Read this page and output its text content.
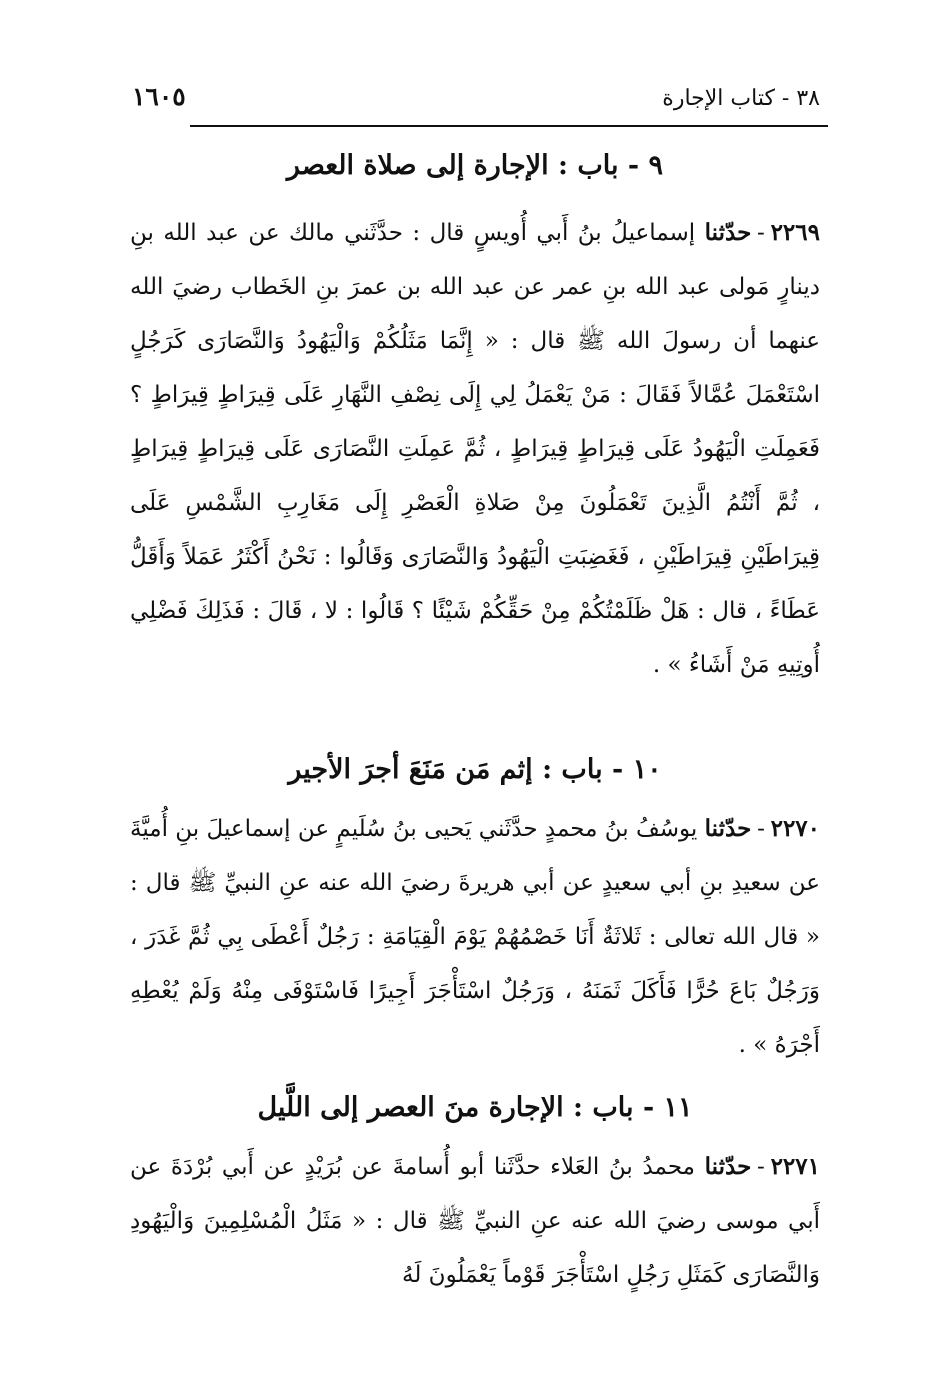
٣٨ - كتاب الإجارة
١٦٠٥
٩ - باب : الإجارة إلى صلاة العصر

٢٢٦٩-حدّثنا إسماعيلُ بنُ أَبي أُويسٍ قال : حدَّثَني مالك عن عبد الله بنِ دينارٍ مَولى عبد الله بنِ عمر عن عبد الله بن عمرَ بنِ الخَطاب رضيَ الله عنهما أن رسولَ الله ﷺ قال : « إِنَّمَا مَثَلُكُمْ وَالْيَهُودُ وَالنَّصَارَى كَرَجُلٍ اسْتَعْمَلَ عُمَّالاً فَقَالَ : مَنْ يَعْمَلُ لِي إِلَى نِصْفِ النَّهَارِ عَلَى قِيرَاطٍ قِيرَاطٍ ؟ فَعَمِلَتِ الْيَهُودُ عَلَى قِيرَاطٍ قِيرَاطٍ ، ثُمَّ عَمِلَتِ النَّصَارَى عَلَى قِيرَاطٍ قِيرَاطٍ ، ثُمَّ أَنْتُمُ الَّذِينَ تَعْمَلُونَ مِنْ صَلاةِ الْعَصْرِ إِلَى مَغَارِبِ الشَّمْسِ عَلَى قِيرَاطَيْنِ قِيرَاطَيْنِ ، فَغَضِبَتِ الْيَهُودُ وَالنَّصَارَى وَقَالُوا : نَحْنُ أَكْثَرُ عَمَلاً وَأَقَلُّ عَطَاءً ، قال : هَلْ ظَلَمْتُكُمْ مِنْ حَقِّكُمْ شَيْئًا ؟ قَالُوا : لا ، قَالَ : فَذَلِكَ فَضْلِي أُوتِيهِ مَنْ أَشَاءُ » .

١٠ - باب : إثم مَن مَنَعَ أجرَ الأجير

٢٢٧٠-حدّثنا يوسُفُ بنُ محمدٍ حدَّثَني يَحيى بنُ سُلَيمٍ عن إسماعيلَ بنِ أُميَّةَ عن سعيدِ بنِ أبي سعيدٍ عن أبي هريرةَ رضيَ الله عنه عنِ النبيِّ ﷺ قال : « قال الله تعالى : ثَلاثَةٌ أَنَا خَصْمُهُمْ يَوْمَ الْقِيَامَةِ : رَجُلٌ أَعْطَى بِي ثُمَّ غَدَرَ ، وَرَجُلٌ بَاعَ حُرًّا فَأَكَلَ ثَمَنَهُ ، وَرَجُلٌ اسْتَأْجَرَ أَجِيرًا فَاسْتَوْفَى مِنْهُ وَلَمْ يُعْطِهِ أَجْرَهُ » .

١١ - باب : الإجارة منَ العصر إلى اللَّيل

٢٢٧١-حدّثنا محمدُ بنُ العَلاء حدَّثَنا أبو أُسامةَ عن بُرَيْدٍ عن أَبي بُرْدَةَ عن أَبي موسى رضيَ الله عنه عنِ النبيِّ ﷺ قال : « مَثَلُ الْمُسْلِمِينَ وَالْيَهُودِ وَالنَّصَارَى كَمَثَلِ رَجُلٍ اسْتَأْجَرَ قَوْماً يَعْمَلُونَ لَهُ
